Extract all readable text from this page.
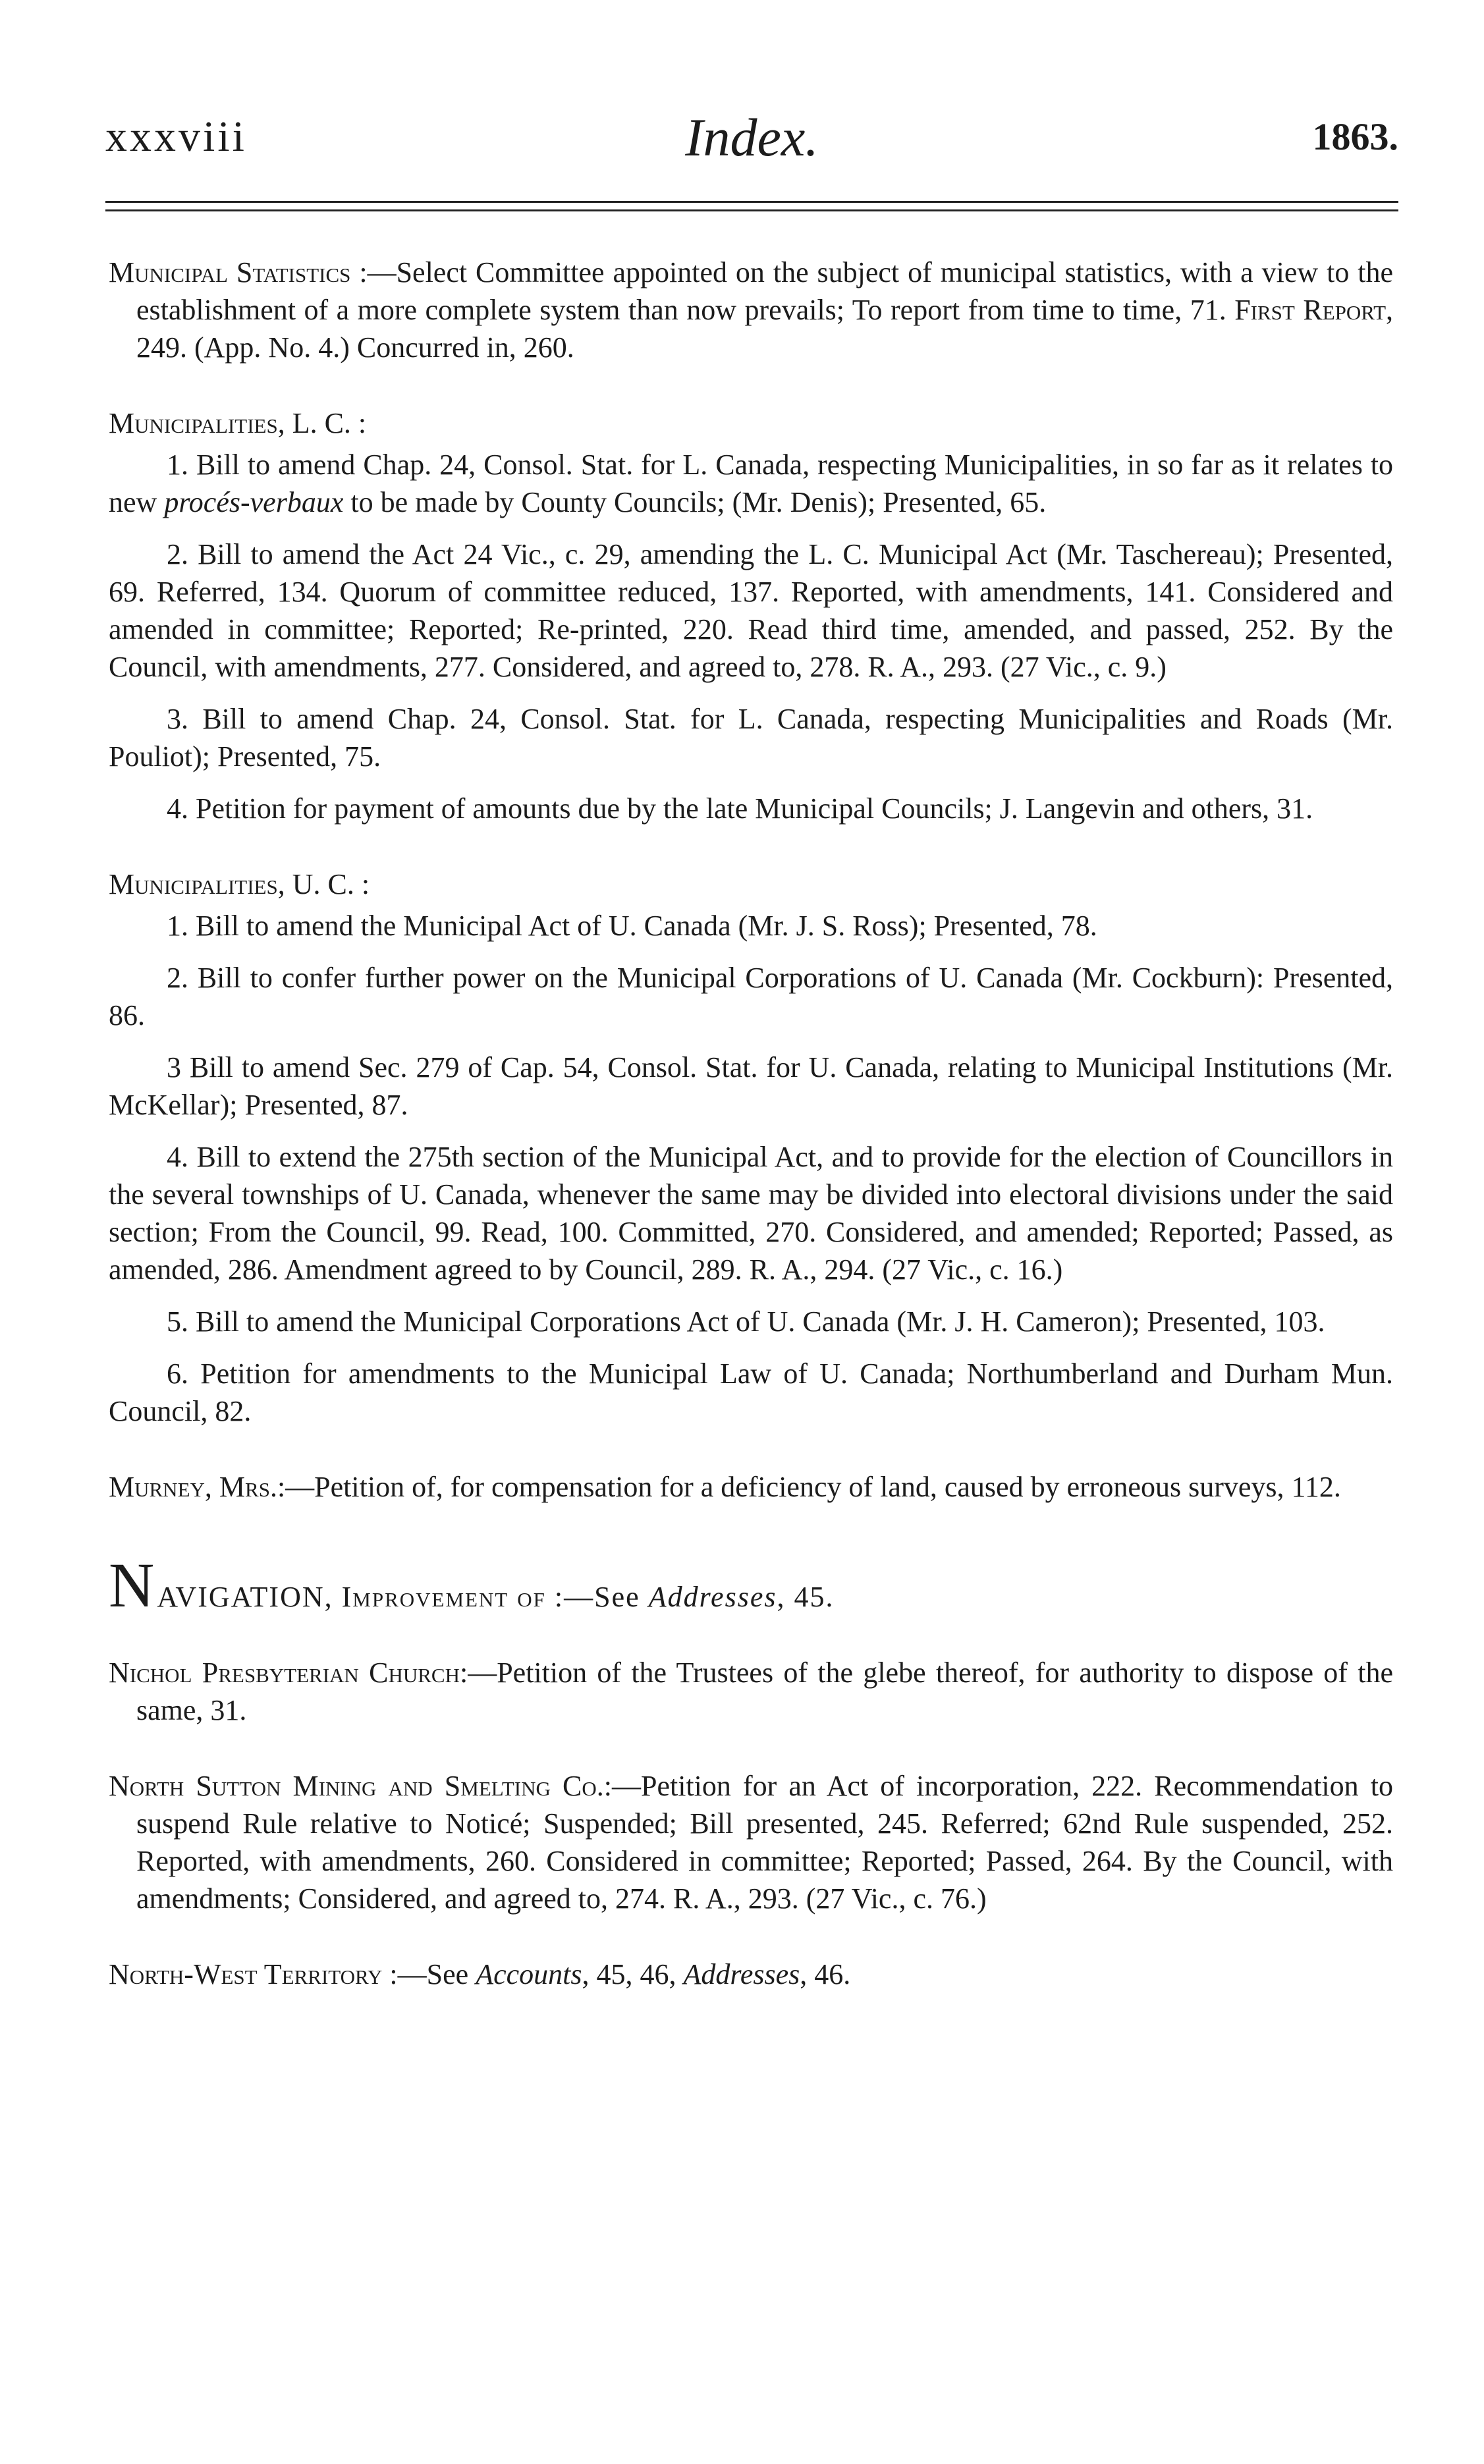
xxxviii	Index.	1863.

Municipal Statistics :—Select Committee appointed on the subject of municipal statistics, with a view to the establishment of a more complete system than now prevails; To report from time to time, 71. First Report, 249. (App. No. 4.) Concurred in, 260.

Municipalities, L. C. :

1. Bill to amend Chap. 24, Consol. Stat. for L. Canada, respecting Municipalities, in so far as it relates to new procés-verbaux to be made by County Councils; (Mr. Denis); Presented, 65.

2. Bill to amend the Act 24 Vic., c. 29, amending the L. C. Municipal Act (Mr. Taschereau); Presented, 69. Referred, 134. Quorum of committee reduced, 137. Reported, with amendments, 141. Considered and amended in committee; Reported; Re-printed, 220. Read third time, amended, and passed, 252. By the Council, with amendments, 277. Considered, and agreed to, 278. R. A., 293. (27 Vic., c. 9.)

3. Bill to amend Chap. 24, Consol. Stat. for L. Canada, respecting Municipalities and Roads (Mr. Pouliot); Presented, 75.

4. Petition for payment of amounts due by the late Municipal Councils; J. Langevin and others, 31.

Municipalities, U. C. :

1. Bill to amend the Municipal Act of U. Canada (Mr. J. S. Ross); Presented, 78.

2. Bill to confer further power on the Municipal Corporations of U. Canada (Mr. Cockburn): Presented, 86.

3 Bill to amend Sec. 279 of Cap. 54, Consol. Stat. for U. Canada, relating to Municipal Institutions (Mr. McKellar); Presented, 87.

4. Bill to extend the 275th section of the Municipal Act, and to provide for the election of Councillors in the several townships of U. Canada, whenever the same may be divided into electoral divisions under the said section; From the Council, 99. Read, 100. Committed, 270. Considered, and amended; Reported; Passed, as amended, 286. Amendment agreed to by Council, 289. R. A., 294. (27 Vic., c. 16.)

5. Bill to amend the Municipal Corporations Act of U. Canada (Mr. J. H. Cameron); Presented, 103.

6. Petition for amendments to the Municipal Law of U. Canada; Northumberland and Durham Mun. Council, 82.

Murney, Mrs.:—Petition of, for compensation for a deficiency of land, caused by erroneous surveys, 112.

NAVIGATION, Improvement of :—See Addresses, 45.

Nichol Presbyterian Church:—Petition of the Trustees of the glebe thereof, for authority to dispose of the same, 31.

North Sutton Mining and Smelting Co.:—Petition for an Act of incorporation, 222. Recommendation to suspend Rule relative to Noticé; Suspended; Bill presented, 245. Referred; 62nd Rule suspended, 252. Reported, with amendments, 260. Considered in committee; Reported; Passed, 264. By the Council, with amendments; Considered, and agreed to, 274. R. A., 293. (27 Vic., c. 76.)

North-West Territory :—See Accounts, 45, 46, Addresses, 46.
